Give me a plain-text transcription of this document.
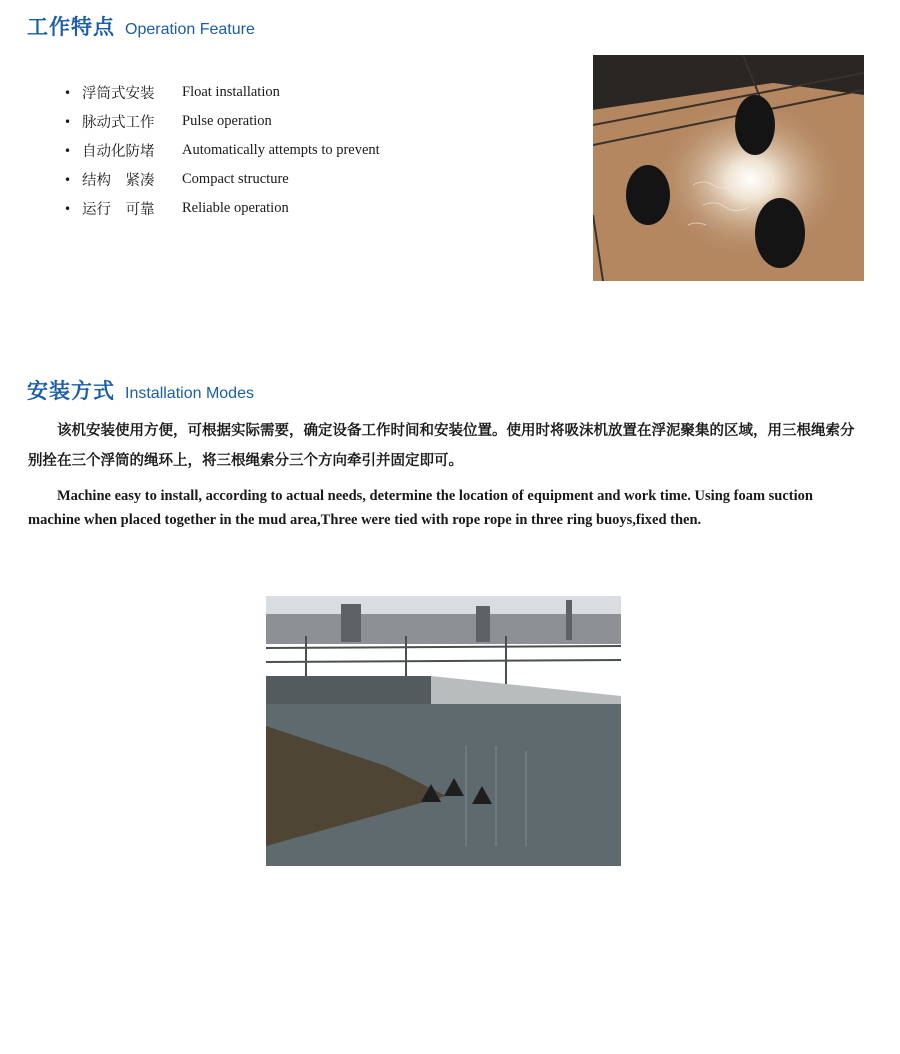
工作特点 Operation Feature
• 浮筒式安装	Float installation
• 脉动式工作	Pulse operation
• 自动化防堵	Automatically attempts to prevent
• 结构　紧凑	Compact structure
• 运行　可靠	Reliable operation
安装方式 Installation Modes

该机安装使用方便，可根据实际需要，确定设备工作时间和安装位置。使用时将吸沫机放置在浮泥聚集的区域，用三根绳索分别拴在三个浮筒的绳环上，将三根绳索分三个方向牵引并固定即可。

Machine easy to install, according to actual needs, determine the location of equipment and work time. Using foam suction machine when placed together in the mud area,Three were tied with rope rope in three ring buoys,fixed then.
